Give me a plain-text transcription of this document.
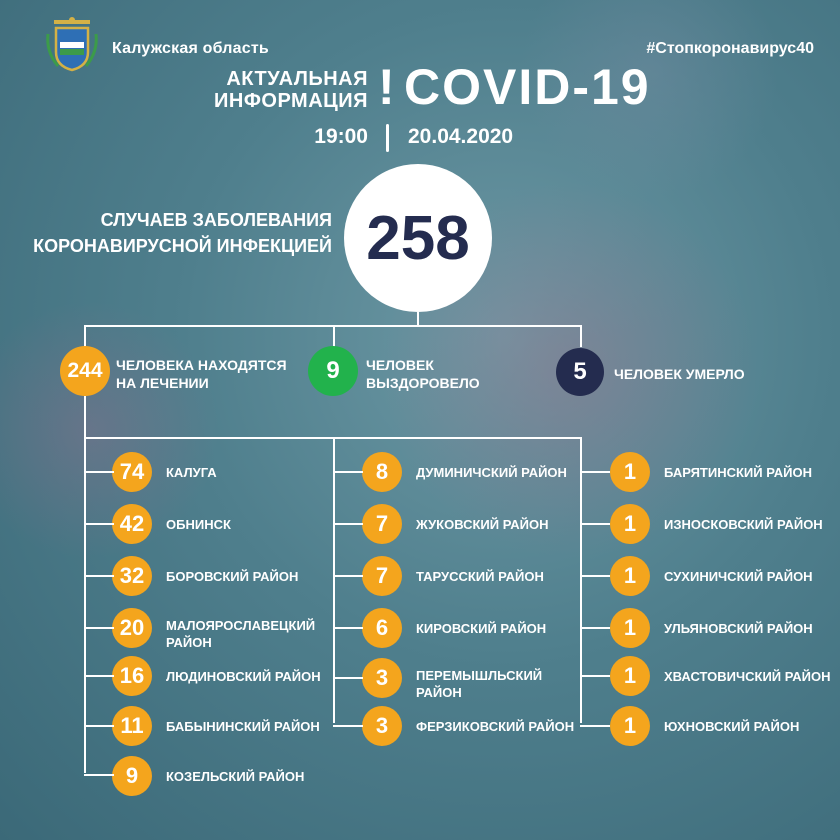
Калужская область	#Стопкоронавирус40
АКТУАЛЬНАЯ
ИНФОРМАЦИЯ ! COVID-19
19:00 20.04.2020
СЛУЧАЕВ ЗАБОЛЕВАНИЯ
КОРОНАВИРУСНОЙ ИНФЕКЦИЕЙ 258
244 ЧЕЛОВЕКА НАХОДЯТСЯ
НА ЛЕЧЕНИИ	9	ЧЕЛОВЕК
ВЫЗДОРОВЕЛО	5	ЧЕЛОВЕК УМЕРЛО
74	КАЛУГА
42	ОБНИНСК
32	БОРОВСКИЙ РАЙОН
20	МАЛОЯРОСЛАВЕЦКИЙ
РАЙОН
16	ЛЮДИНОВСКИЙ РАЙОН
11	БАБЫНИНСКИЙ РАЙОН
9	КОЗЕЛЬСКИЙ РАЙОН
8	ДУМИНИЧСКИЙ РАЙОН
7	ЖУКОВСКИЙ РАЙОН
7	ТАРУССКИЙ РАЙОН
6	КИРОВСКИЙ РАЙОН
3	ПЕРЕМЫШЛЬСКИЙ
РАЙОН
3	ФЕРЗИКОВСКИЙ РАЙОН
1	БАРЯТИНСКИЙ РАЙОН
1	ИЗНОСКОВСКИЙ РАЙОН
1	СУХИНИЧСКИЙ РАЙОН
1	УЛЬЯНОВСКИЙ РАЙОН
1	ХВАСТОВИЧСКИЙ РАЙОН
1	ЮХНОВСКИЙ РАЙОН
